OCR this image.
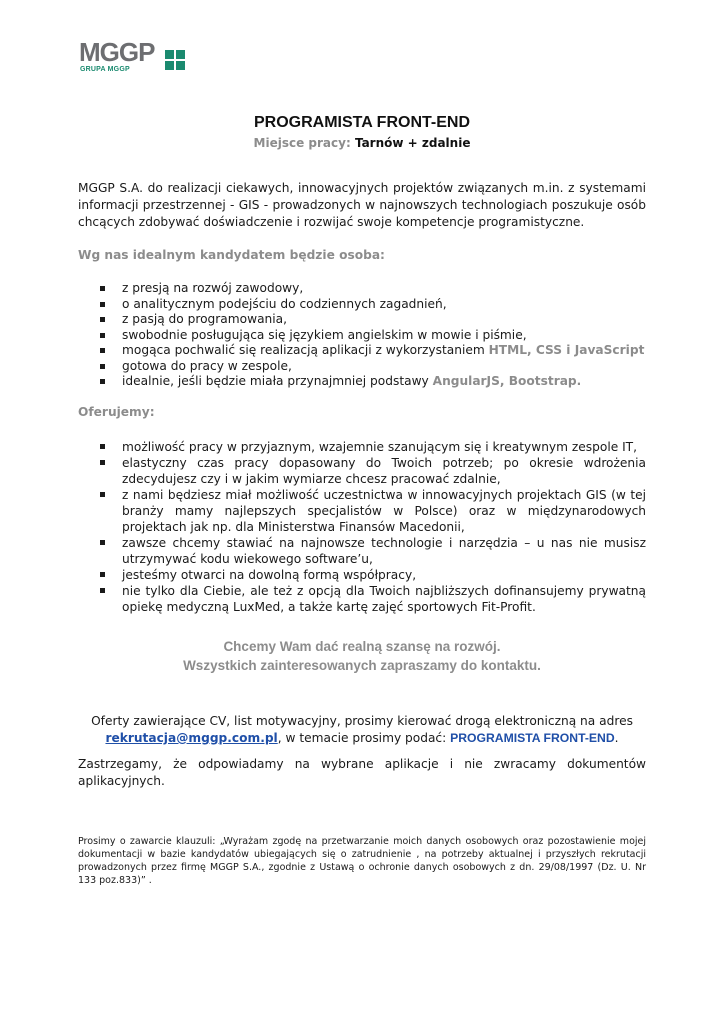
MGGP
GRUPA MGGP
PROGRAMISTA FRONT-END
Miejsce pracy: Tarnów + zdalnie
MGGP S.A. do realizacji ciekawych, innowacyjnych projektów związanych m.in. z systemami informacji przestrzennej - GIS - prowadzonych w najnowszych technologiach poszukuje osób chcących zdobywać doświadczenie i rozwijać swoje kompetencje programistyczne.
Wg nas idealnym kandydatem będzie osoba:
z presją na rozwój zawodowy,
o analitycznym podejściu do codziennych zagadnień,
z pasją do programowania,
swobodnie posługująca się językiem angielskim w mowie i piśmie,
mogąca pochwalić się realizacją aplikacji z wykorzystaniem HTML, CSS i JavaScript
gotowa do pracy w zespole,
idealnie, jeśli będzie miała przynajmniej podstawy AngularJS, Bootstrap.
Oferujemy:
możliwość pracy w przyjaznym, wzajemnie szanującym się i kreatywnym zespole IT,
elastyczny czas pracy dopasowany do Twoich potrzeb; po okresie wdrożenia zdecydujesz czy i w jakim wymiarze chcesz pracować zdalnie,
z nami będziesz miał możliwość uczestnictwa w innowacyjnych projektach GIS (w tej branży mamy najlepszych specjalistów w Polsce) oraz w międzynarodowych projektach jak np. dla Ministerstwa Finansów Macedonii,
zawsze chcemy stawiać na najnowsze technologie i narzędzia – u nas nie musisz utrzymywać kodu wiekowego software’u,
jesteśmy otwarci na dowolną formą współpracy,
nie tylko dla Ciebie, ale też z opcją dla Twoich najbliższych dofinansujemy prywatną opiekę medyczną LuxMed, a także kartę zajęć sportowych Fit-Profit.
Chcemy Wam dać realną szansę na rozwój.
Wszystkich zainteresowanych zapraszamy do kontaktu.
Oferty zawierające CV, list motywacyjny, prosimy kierować drogą elektroniczną na adres
rekrutacja@mggp.com.pl, w temacie prosimy podać: PROGRAMISTA FRONT-END.
Zastrzegamy, że odpowiadamy na wybrane aplikacje i nie zwracamy dokumentów aplikacyjnych.
Prosimy o zawarcie klauzuli: „Wyrażam zgodę na przetwarzanie moich danych osobowych oraz pozostawienie mojej dokumentacji w bazie kandydatów ubiegających się o zatrudnienie , na potrzeby aktualnej i przyszłych rekrutacji prowadzonych przez firmę MGGP S.A., zgodnie z Ustawą o ochronie danych osobowych z dn. 29/08/1997 (Dz. U. Nr 133 poz.833)” .
